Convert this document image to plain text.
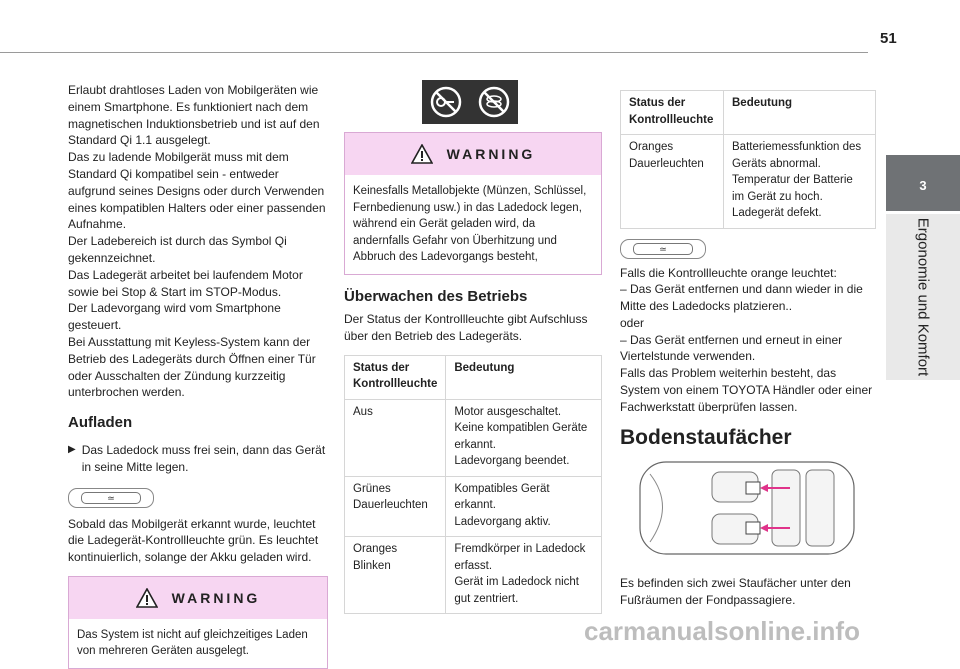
51
3
Ergonomie und Komfort

Erlaubt drahtloses Laden von Mobilgeräten wie einem Smartphone. Es funktioniert nach dem magnetischen Induktionsbetrieb und ist auf den Standard Qi 1.1 ausgelegt.

Das zu ladende Mobilgerät muss mit dem Standard Qi kompatibel sein - entweder aufgrund seines Designs oder durch Verwenden eines kompatiblen Halters oder einer passenden Aufnahme.

Der Ladebereich ist durch das Symbol Qi gekennzeichnet.

Das Ladegerät arbeitet bei laufendem Motor sowie bei Stop & Start im STOP-Modus.

Der Ladevorgang wird vom Smartphone gesteuert.

Bei Ausstattung mit Keyless-System kann der Betrieb des Ladegeräts durch Öffnen einer Tür oder Ausschalten der Zündung kurzzeitig unterbrochen werden.

Aufladen

▶ Das Ladedock muss frei sein, dann das Gerät in seine Mitte legen.
≃

Sobald das Mobilgerät erkannt wurde, leuchtet die Ladegerät-Kontrollleuchte grün. Es leuchtet kontinuierlich, solange der Akku geladen wird.

WARNING
Das System ist nicht auf gleichzeitiges Laden von mehreren Geräten ausgelegt.
WARNING
Keinesfalls Metallobjekte (Münzen, Schlüssel, Fernbedienung usw.) in das Ladedock legen, während ein Gerät geladen wird, da andernfalls Gefahr von Überhitzung und Abbruch des Ladevorgangs besteht,

Überwachen des Betriebs

Der Status der Kontrollleuchte gibt Aufschluss über den Betrieb des Ladegeräts.

Status der Kontrollleuchte	Bedeutung
Aus	Motor ausgeschaltet.
Keine kompatiblen Geräte erkannt.
Ladevorgang beendet.
Grünes Dauerleuchten	Kompatibles Gerät erkannt.
Ladevorgang aktiv.
Oranges Blinken	Fremdkörper in Ladedock erfasst.
Gerät im Ladedock nicht gut zentriert.
Status der Kontrollleuchte	Bedeutung
Oranges Dauerleuchten	Batteriemessfunktion des Geräts abnormal.
Temperatur der Batterie im Gerät zu hoch.
Ladegerät defekt.
≃

Falls die Kontrollleuchte orange leuchtet:

– Das Gerät entfernen und dann wieder in die Mitte des Ladedocks platzieren..

oder

– Das Gerät entfernen und erneut in einer Viertelstunde verwenden.

Falls das Problem weiterhin besteht, das System von einem TOYOTA Händler oder einer Fachwerkstatt überprüfen lassen.

Bodenstaufächer

Es befinden sich zwei Staufächer unter den Fußräumen der Fondpassagiere.

carmanualsonline.info
